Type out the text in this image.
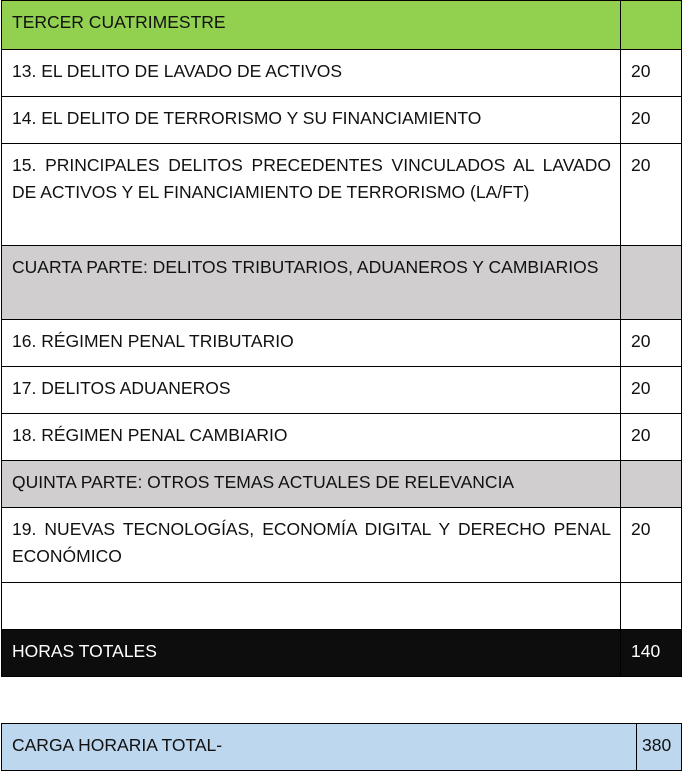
TERCER CUATRIMESTRE	
13. EL DELITO DE LAVADO DE ACTIVOS	20
14. EL DELITO DE TERRORISMO Y SU FINANCIAMIENTO	20
15. PRINCIPALES DELITOS PRECEDENTES VINCULADOS AL LAVADO DE ACTIVOS Y EL FINANCIAMIENTO DE TERRORISMO (LA/FT)	20
CUARTA PARTE: DELITOS TRIBUTARIOS, ADUANEROS Y CAMBIARIOS	
16. RÉGIMEN PENAL TRIBUTARIO	20
17. DELITOS ADUANEROS	20
18. RÉGIMEN PENAL CAMBIARIO	20
QUINTA PARTE: OTROS TEMAS ACTUALES DE RELEVANCIA	
19. NUEVAS TECNOLOGÍAS, ECONOMÍA DIGITAL Y DERECHO PENAL ECONÓMICO	20

HORAS TOTALES	140
CARGA HORARIA TOTAL-	380
